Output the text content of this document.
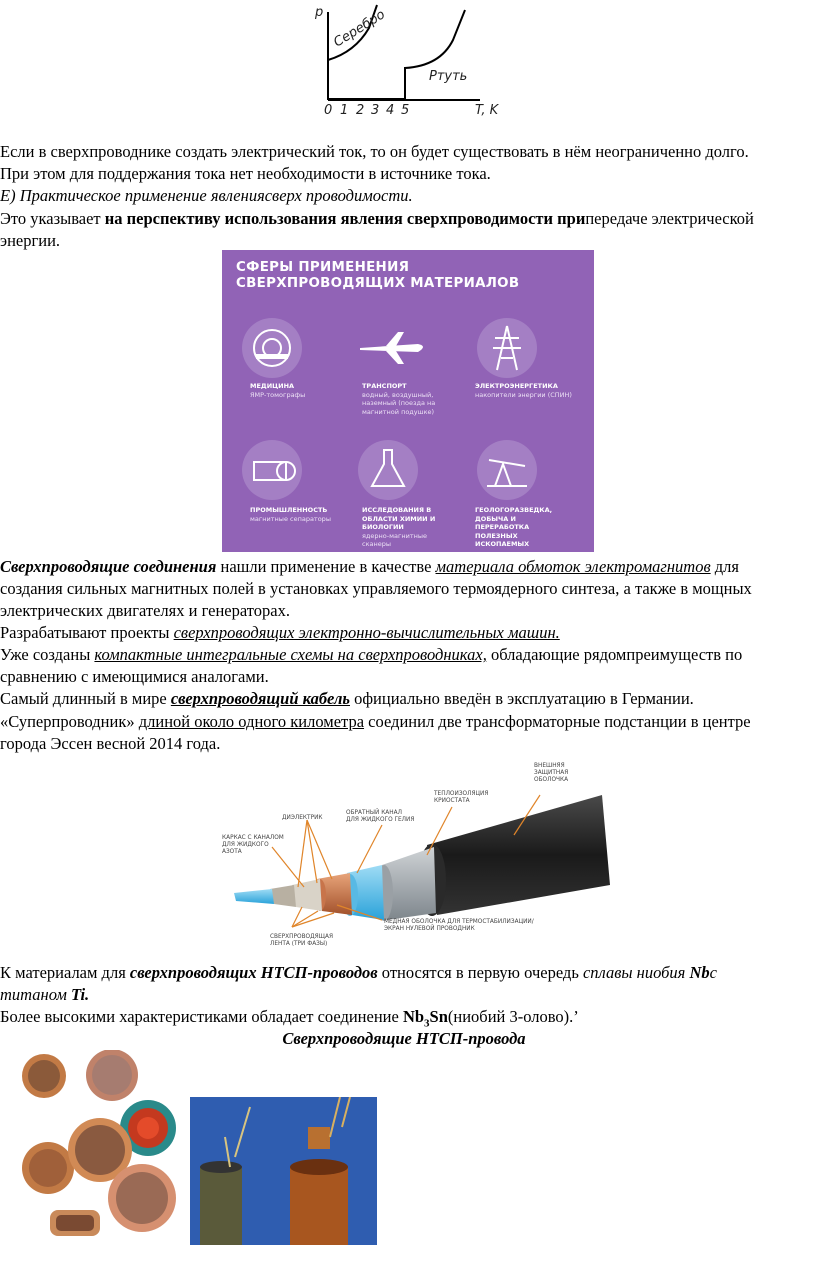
p Серебро
Ртуть
0 1 2 3 4 5	T, K
Если в сверхпроводнике создать электрический ток, то он будет существовать в нём неограниченно долго.
При этом для поддержания тока нет необходимости в источнике тока.
E) Практическое применение явлениясверх проводимости.
Это указывает на перспективу использования явления сверхпроводимости припередаче электрической
энергии.
СФЕРЫ ПРИМЕНЕНИЯ
СВЕРХПРОВОДЯЩИХ МАТЕРИАЛОВ
МЕДИЦИНА
ЯМР-томографы
ТРАНСПОРТ
водный, воздушный, наземный (поезда на магнитной подушке)
ЭЛЕКТРОЭНЕРГЕТИКА
накопители энергии (СПИН)
ПРОМЫШЛЕННОСТЬ
магнитные сепараторы
ИССЛЕДОВАНИЯ В ОБЛАСТИ ХИМИИ И БИОЛОГИИ
ядерно-магнитные сканеры
ГЕОЛОГОРАЗВЕДКА, ДОБЫЧА И ПЕРЕРАБОТКА ПОЛЕЗНЫХ ИСКОПАЕМЫХ
Сверхпроводящие соединения нашли применение в качестве материала обмоток электромагнитов для
создания сильных магнитных полей в установках управляемого термоядерного синтеза, а также в мощных
электрических двигателях и генераторах.
Разрабатывают проекты сверхпроводящих электронно-вычислительных машин.
Уже созданы компактные интегральные схемы на сверхпроводниках, обладающие рядомпреимуществ по
сравнению с имеющимися аналогами.
Самый длинный в мире сверхпроводящий кабель официально введён в эксплуатацию в Германии.
«Суперпроводник» длиной около одного километра соединил две трансформаторные подстанции в центре
города Эссен весной 2014 года.
КАРКАС С КАНАЛОМ
ДЛЯ ЖИДКОГО
АЗОТА
ДИЭЛЕКТРИК
ОБРАТНЫЙ КАНАЛ
ДЛЯ ЖИДКОГО ГЕЛИЯ
ТЕПЛОИЗОЛЯЦИЯ
КРИОСТАТА
ВНЕШНЯЯ
ЗАЩИТНАЯ
ОБОЛОЧКА
МЕДНАЯ ОБОЛОЧКА ДЛЯ ТЕРМОСТАБИЛИЗАЦИИ/
ЭКРАН НУЛЕВОЙ ПРОВОДНИК
СВЕРХПРОВОДЯЩАЯ
ЛЕНТА (ТРИ ФАЗЫ)
К материалам для сверхпроводящих НТСП-проводов относятся в первую очередь сплавы ниобия Nbс
титаном Ti.
Более высокими характеристиками обладает соединение $Nb_3Sn(ниобий$ 3-олово).’
Сверхпроводящие НТСП-провода
